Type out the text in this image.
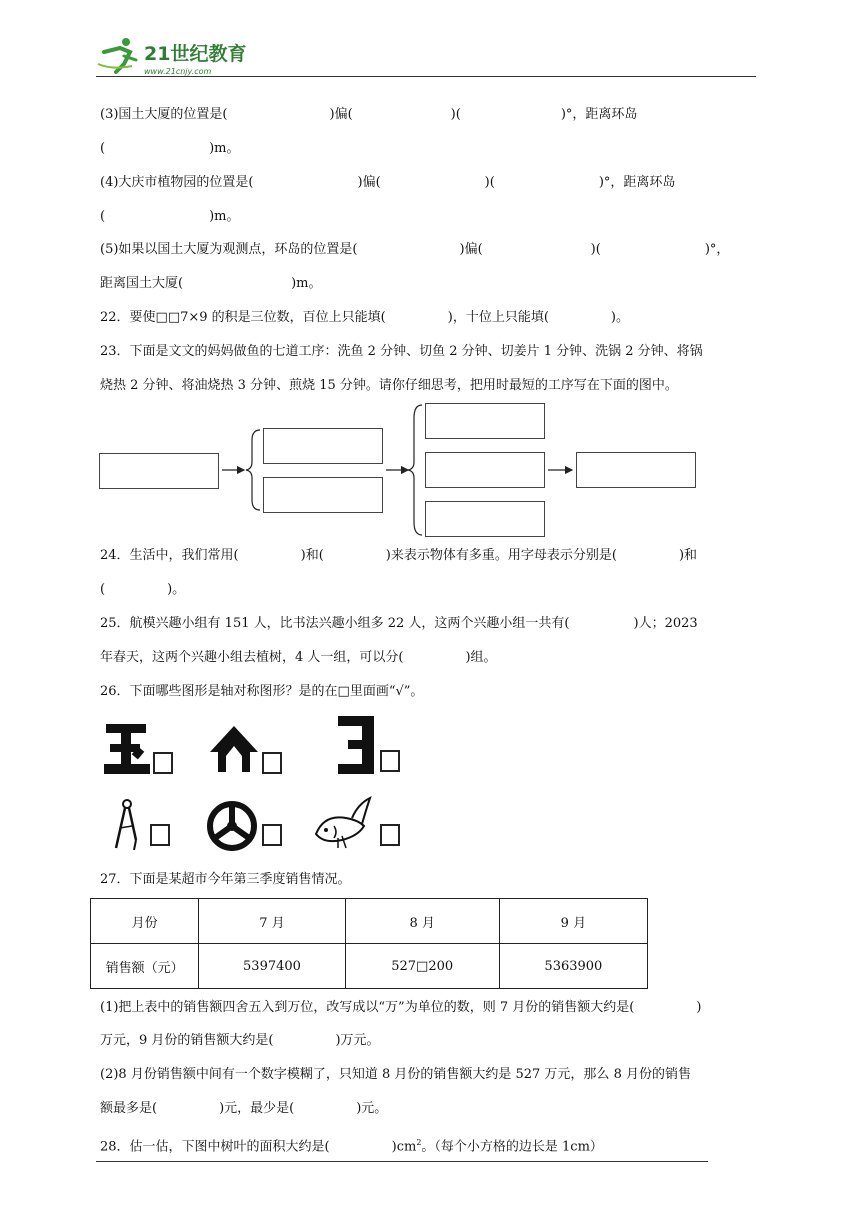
21世纪教育
www.21cnjy.com
(3)国土大厦的位置是(	)偏(	)(	)°，距离环岛
(	)m。
(4)大庆市植物园的位置是(	)偏(	)(	)°，距离环岛
(	)m。
(5)如果以国土大厦为观测点，环岛的位置是(	)偏(	)(	)°，
距离国土大厦(	)m。
22．要使□□7×9 的积是三位数，百位上只能填(	)，十位上只能填(	)。
23．下面是文文的妈妈做鱼的七道工序：洗鱼 2 分钟、切鱼 2 分钟、切姜片 1 分钟、洗锅 2 分钟、将锅
烧热 2 分钟、将油烧热 3 分钟、煎烧 15 分钟。请你仔细思考，把用时最短的工序写在下面的图中。
24．生活中，我们常用(	)和(	)来表示物体有多重。用字母表示分别是(	)和
(	)。
25．航模兴趣小组有 151 人，比书法兴趣小组多 22 人，这两个兴趣小组一共有(	)人；2023
年春天，这两个兴趣小组去植树，4 人一组，可以分(	)组。
26．下面哪些图形是轴对称图形？是的在□里面画“√”。
27．下面是某超市今年第三季度销售情况。
月份	7 月	8 月	9 月
销售额（元）	5397400	527□200	5363900
(1)把上表中的销售额四舍五入到万位，改写成以“万”为单位的数，则 7 月份的销售额大约是(	)
万元，9 月份的销售额大约是(	)万元。
(2)8 月份销售额中间有一个数字模糊了，只知道 8 月份的销售额大约是 527 万元，那么 8 月份的销售
额最多是(	)元，最少是(	)元。
28．估一估，下图中树叶的面积大约是(	)$cm^2$。（每个小方格的边长是 1cm）
